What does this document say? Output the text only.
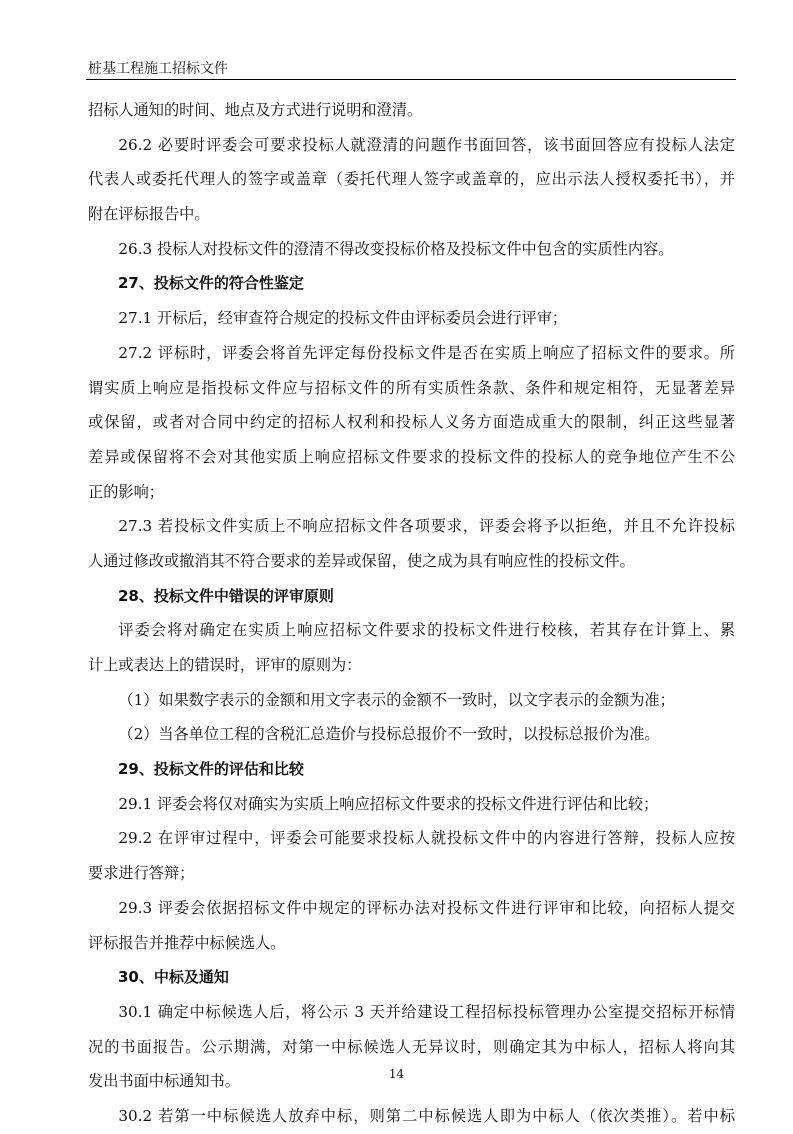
桩基工程施工招标文件
招标人通知的时间、地点及方式进行说明和澄清。
26.2 必要时评委会可要求投标人就澄清的问题作书面回答，该书面回答应有投标人法定
代表人或委托代理人的签字或盖章（委托代理人签字或盖章的，应出示法人授权委托书），并
附在评标报告中。
26.3 投标人对投标文件的澄清不得改变投标价格及投标文件中包含的实质性内容。
27、投标文件的符合性鉴定
27.1 开标后，经审查符合规定的投标文件由评标委员会进行评审；
27.2 评标时，评委会将首先评定每份投标文件是否在实质上响应了招标文件的要求。所
谓实质上响应是指投标文件应与招标文件的所有实质性条款、条件和规定相符，无显著差异
或保留，或者对合同中约定的招标人权利和投标人义务方面造成重大的限制，纠正这些显著
差异或保留将不会对其他实质上响应招标文件要求的投标文件的投标人的竞争地位产生不公
正的影响；
27.3 若投标文件实质上不响应招标文件各项要求，评委会将予以拒绝，并且不允许投标
人通过修改或撤消其不符合要求的差异或保留，使之成为具有响应性的投标文件。
28、投标文件中错误的评审原则
评委会将对确定在实质上响应招标文件要求的投标文件进行校核，若其存在计算上、累
计上或表达上的错误时，评审的原则为：
（1）如果数字表示的金额和用文字表示的金额不一致时，以文字表示的金额为准；
（2）当各单位工程的含税汇总造价与投标总报价不一致时，以投标总报价为准。
29、投标文件的评估和比较
29.1 评委会将仅对确实为实质上响应招标文件要求的投标文件进行评估和比较；
29.2 在评审过程中，评委会可能要求投标人就投标文件中的内容进行答辩，投标人应按
要求进行答辩；
29.3 评委会依据招标文件中规定的评标办法对投标文件进行评审和比较，向招标人提交
评标报告并推荐中标候选人。
30、中标及通知
30.1 确定中标候选人后，将公示 3 天并给建设工程招标投标管理办公室提交招标开标情
况的书面报告。公示期满，对第一中标候选人无异议时，则确定其为中标人，招标人将向其
发出书面中标通知书。
30.2 若第一中标候选人放弃中标，则第二中标候选人即为中标人（依次类推）。若中标
14
